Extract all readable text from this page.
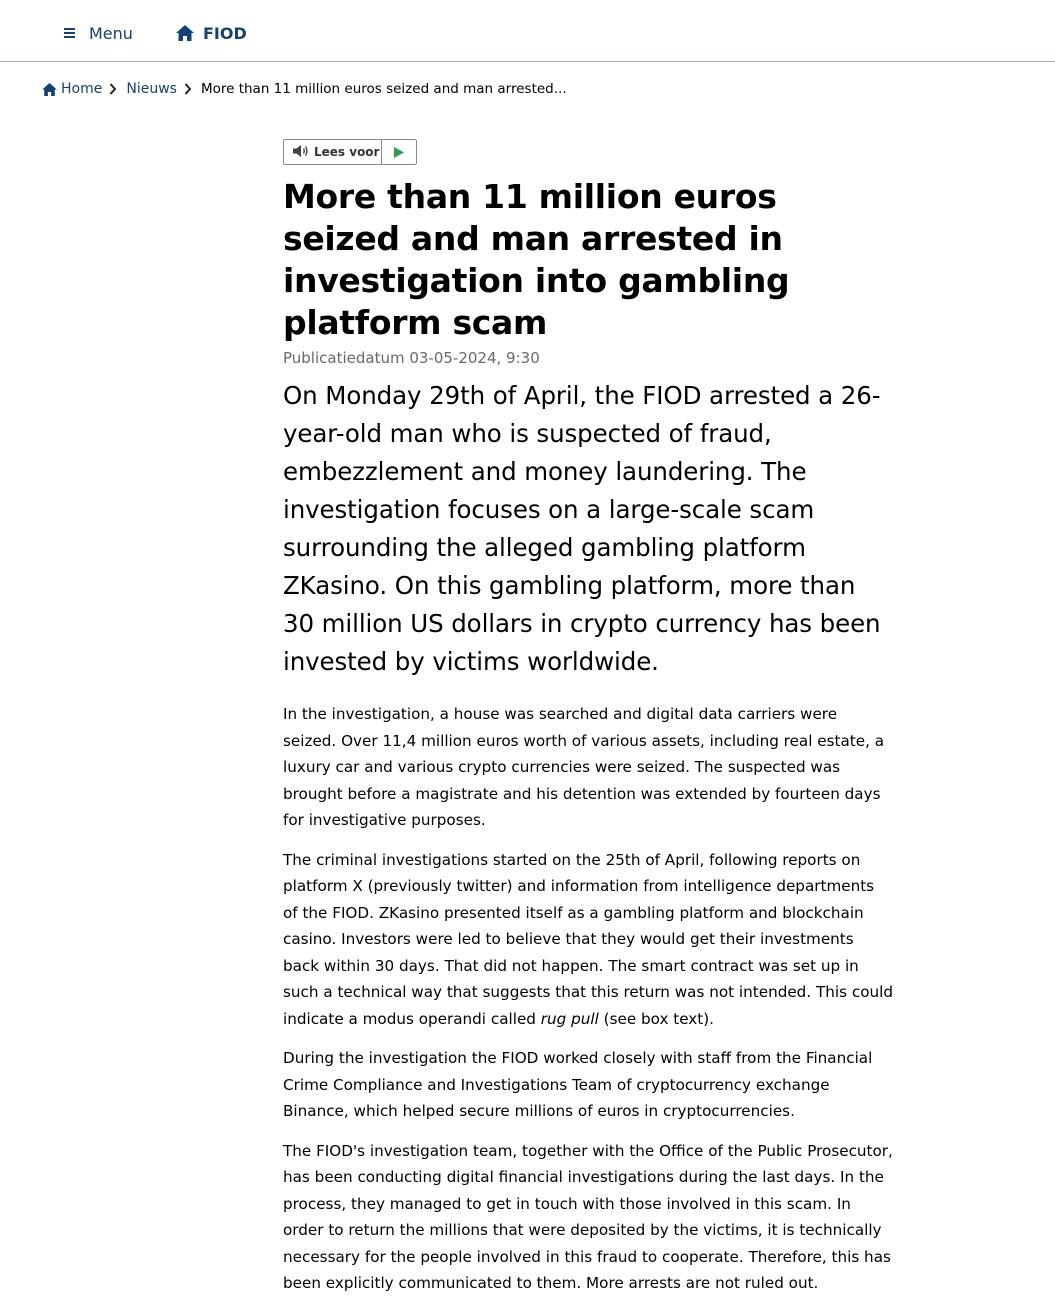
Menu	FIOD
Home Nieuws More than 11 million euros seized and man arrested...
Lees voor
More than 11 million euros seized and man arrested in investigation into gambling platform scam
Publicatiedatum 03-05-2024, 9:30
On Monday 29th of April, the FIOD arrested a 26-year-old man who is suspected of fraud, embezzlement and money laundering. The investigation focuses on a large-scale scam surrounding the alleged gambling platform ZKasino. On this gambling platform, more than 30 million US dollars in crypto currency has been invested by victims worldwide.

In the investigation, a house was searched and digital data carriers were seized. Over 11,4 million euros worth of various assets, including real estate, a luxury car and various crypto currencies were seized. The suspected was brought before a magistrate and his detention was extended by fourteen days for investigative purposes.

The criminal investigations started on the 25th of April, following reports on platform X (previously twitter) and information from intelligence departments of the FIOD. ZKasino presented itself as a gambling platform and blockchain casino. Investors were led to believe that they would get their investments back within 30 days. That did not happen. The smart contract was set up in such a technical way that suggests that this return was not intended. This could indicate a modus operandi called rug pull (see box text).

During the investigation the FIOD worked closely with staff from the Financial Crime Compliance and Investigations Team of cryptocurrency exchange Binance, which helped secure millions of euros in cryptocurrencies.

The FIOD's investigation team, together with the Office of the Public Prosecutor, has been conducting digital financial investigations during the last days. In the process, they managed to get in touch with those involved in this scam. In order to return the millions that were deposited by the victims, it is technically necessary for the people involved in this fraud to cooperate. Therefore, this has been explicitly communicated to them. More arrests are not ruled out.
